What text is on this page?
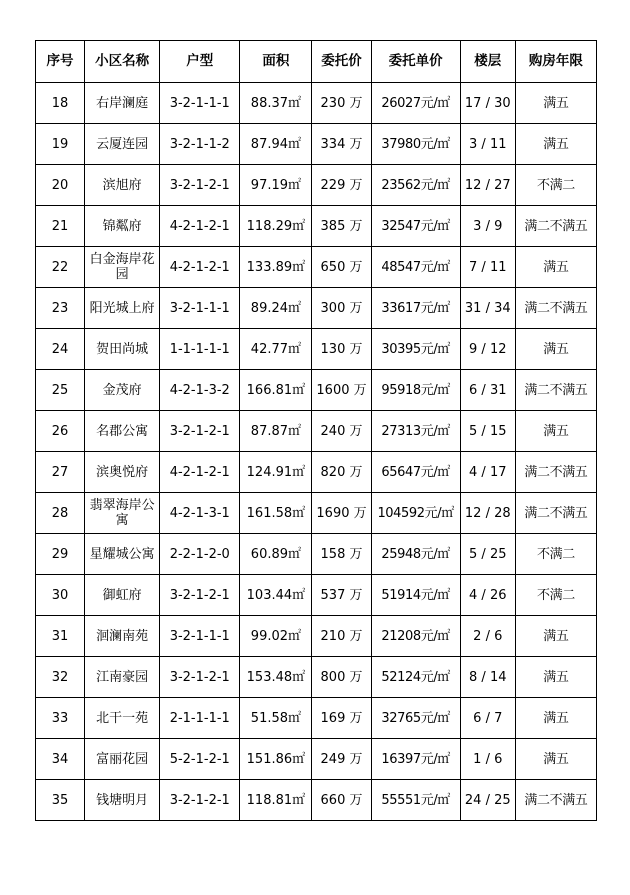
序号	小区名称	户型	面积	委托价	委托单价	楼层	购房年限
18	右岸澜庭	3-2-1-1-1	88.37㎡	230 万	26027元/㎡	17 / 30	满五
19	云厦连园	3-2-1-1-2	87.94㎡	334 万	37980元/㎡	3 / 11	满五
20	滨旭府	3-2-1-2-1	97.19㎡	229 万	23562元/㎡	12 / 27	不满二
21	锦粼府	4-2-1-2-1	118.29㎡	385 万	32547元/㎡	3 / 9	满二不满五
22	白金海岸花园	4-2-1-2-1	133.89㎡	650 万	48547元/㎡	7 / 11	满五
23	阳光城上府	3-2-1-1-1	89.24㎡	300 万	33617元/㎡	31 / 34	满二不满五
24	贺田尚城	1-1-1-1-1	42.77㎡	130 万	30395元/㎡	9 / 12	满五
25	金茂府	4-2-1-3-2	166.81㎡	1600 万	95918元/㎡	6 / 31	满二不满五
26	名郡公寓	3-2-1-2-1	87.87㎡	240 万	27313元/㎡	5 / 15	满五
27	滨奥悦府	4-2-1-2-1	124.91㎡	820 万	65647元/㎡	4 / 17	满二不满五
28	翡翠海岸公寓	4-2-1-3-1	161.58㎡	1690 万	104592元/㎡	12 / 28	满二不满五
29	星耀城公寓	2-2-1-2-0	60.89㎡	158 万	25948元/㎡	5 / 25	不满二
30	御虹府	3-2-1-2-1	103.44㎡	537 万	51914元/㎡	4 / 26	不满二
31	洄澜南苑	3-2-1-1-1	99.02㎡	210 万	21208元/㎡	2 / 6	满五
32	江南豪园	3-2-1-2-1	153.48㎡	800 万	52124元/㎡	8 / 14	满五
33	北干一苑	2-1-1-1-1	51.58㎡	169 万	32765元/㎡	6 / 7	满五
34	富丽花园	5-2-1-2-1	151.86㎡	249 万	16397元/㎡	1 / 6	满五
35	钱塘明月	3-2-1-2-1	118.81㎡	660 万	55551元/㎡	24 / 25	满二不满五
